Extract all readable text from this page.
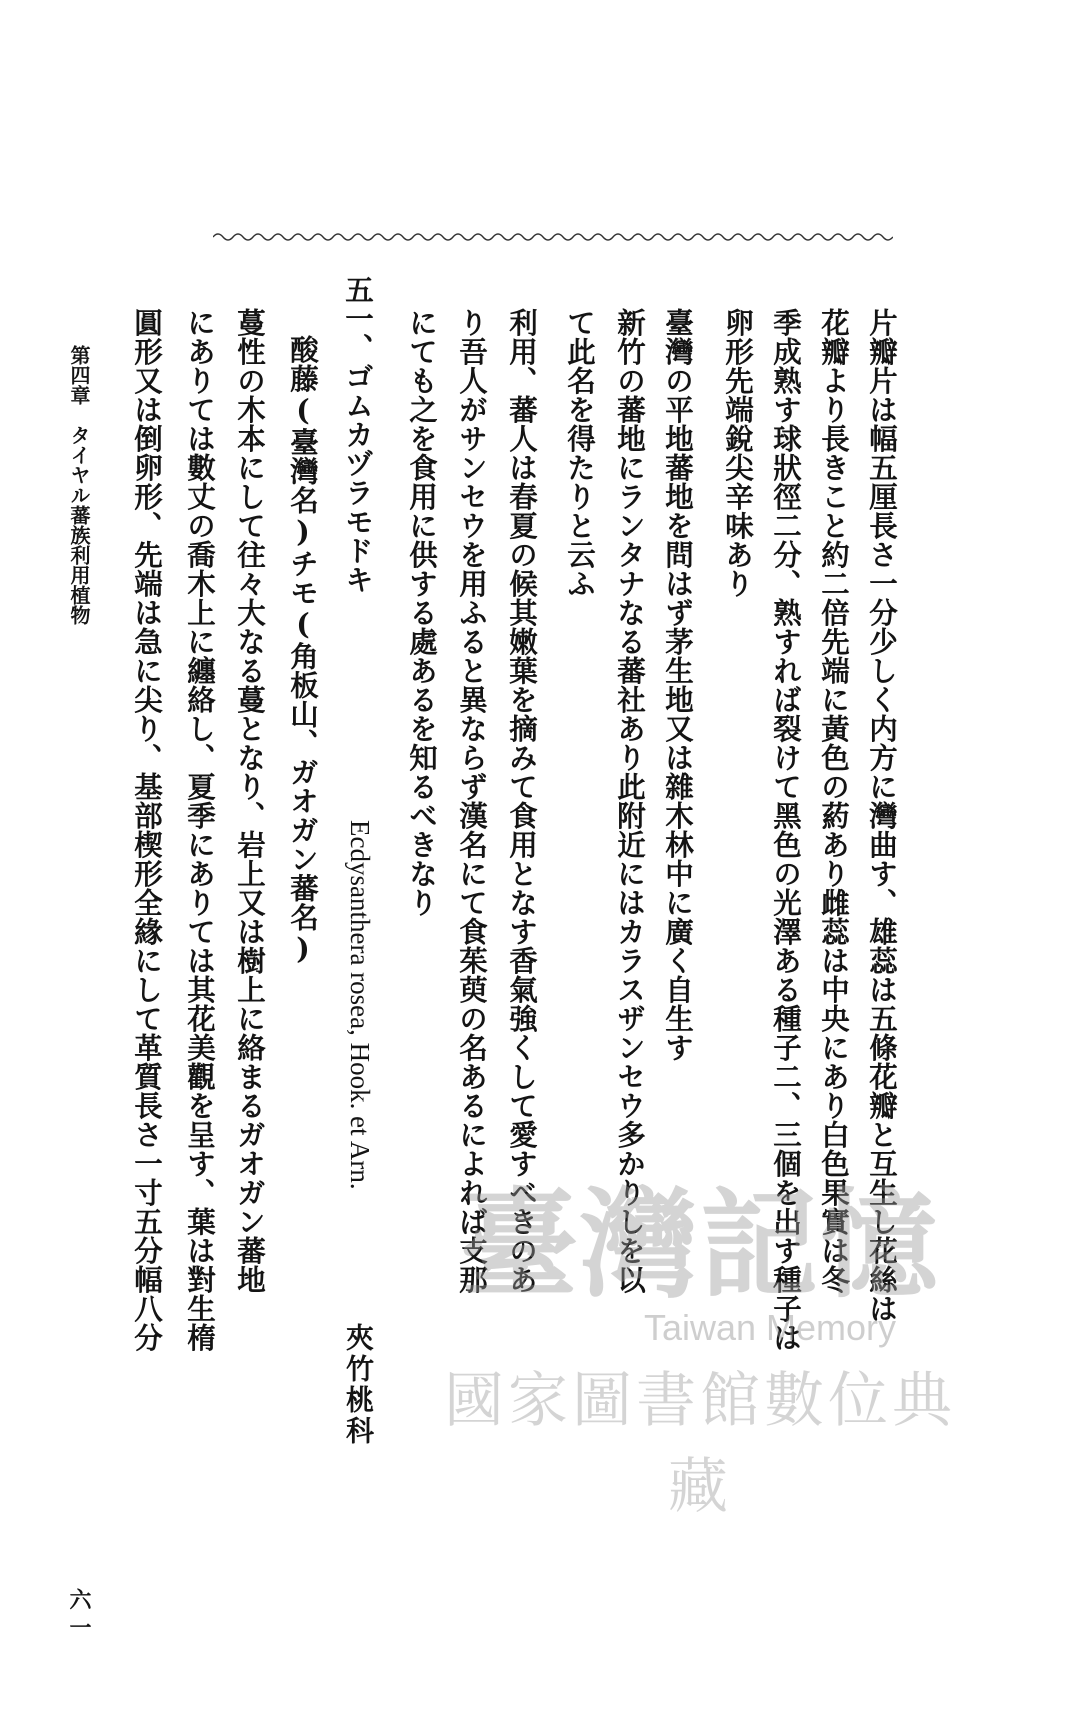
片瓣片は幅五厘長さ一分少しく内方に灣曲す、雄蕊は五條花瓣と互生し花絲は
花瓣より長きこと約二倍先端に黃色の葯あり雌蕊は中央にあり白色果實は冬
季成熟す球狀徑二分、熟すれば裂けて黑色の光澤ある種子二、三個を出す種子は
卵形先端銳尖辛味あり
臺灣の平地蕃地を問はず茅生地又は雜木林中に廣く自生す
新竹の蕃地にランタナなる蕃社あり此附近にはカラスザンセウ多かりしを以
て此名を得たりと云ふ
利用、蕃人は春夏の候其嫩葉を摘みて食用となす香氣強くして愛すべきのあ
り吾人がサンセウを用ふると異ならず漢名にて食茱萸の名あるによれば支那
にても之を食用に供する處あるを知るべきなり
五一、ゴムカヅラモドキ
Ecdysanthera rosea, Hook. et Arn.
夾竹桃科
酸藤(臺灣名)チモ(角板山、ガオガン蕃名)
蔓性の木本にして往々大なる蔓となり、岩上又は樹上に絡まるガオガン蕃地
にありては數丈の喬木上に纏絡し、夏季にありては其花美觀を呈す、葉は對生楕
圓形又は倒卵形、先端は急に尖り、基部楔形全緣にして革質長さ一寸五分幅八分
第四章　タイヤル蕃族利用植物
六一
臺灣記憶
Taiwan Memory
國家圖書館數位典藏
